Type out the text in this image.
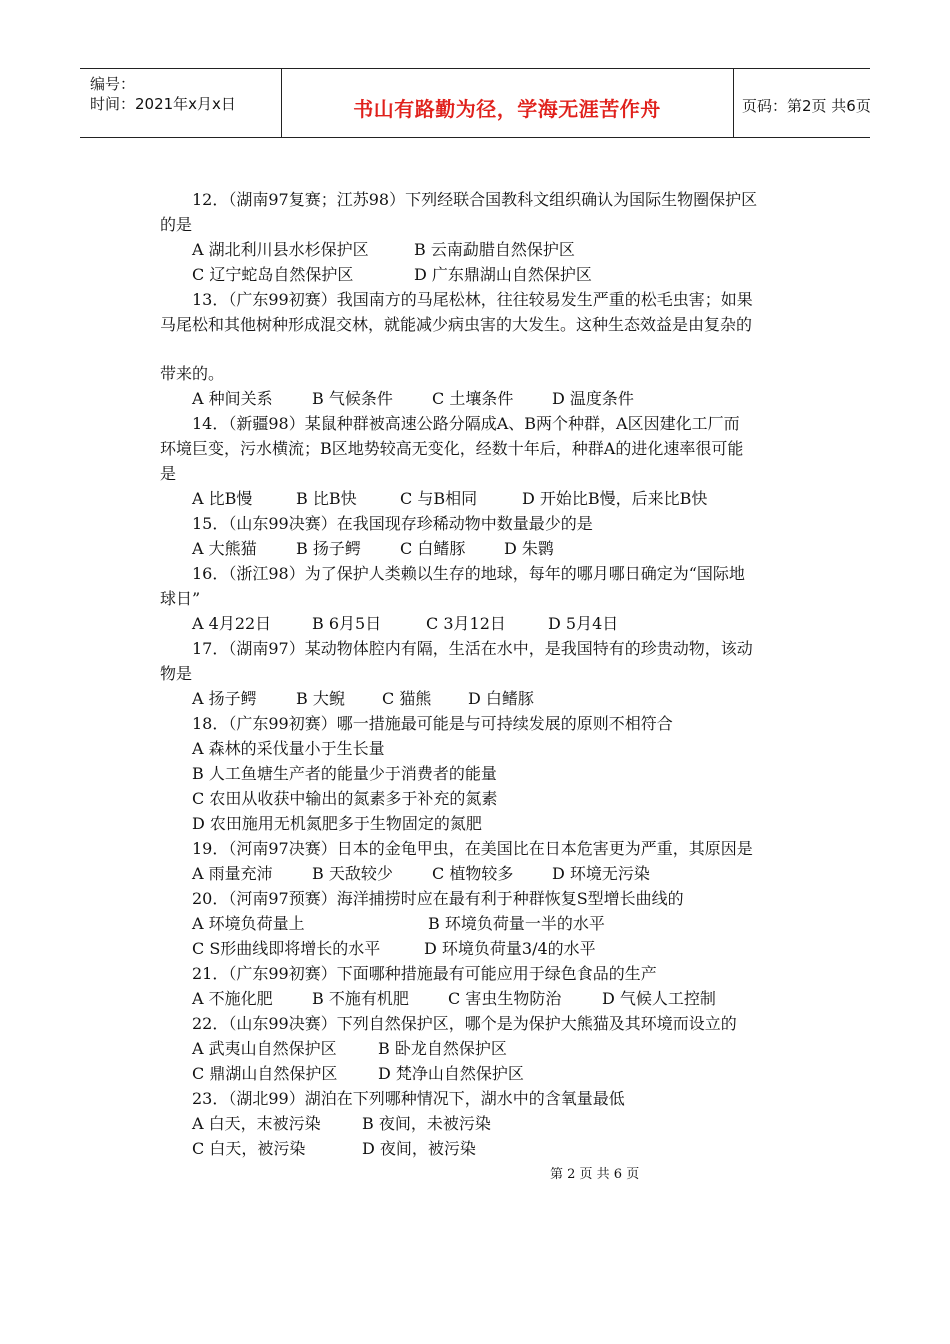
编号：
时间：2021年x月x日	书山有路勤为径，学海无涯苦作舟	页码：第2页 共6页
12．（湖南97复赛；江苏98）下列经联合国教科文组织确认为国际生物圈保护区
的是
A 湖北利川县水杉保护区	B 云南勐腊自然保护区
C 辽宁蛇岛自然保护区	D 广东鼎湖山自然保护区
13．（广东99初赛）我国南方的马尾松林，往往较易发生严重的松毛虫害；如果
马尾松和其他树种形成混交林，就能减少病虫害的大发生。这种生态效益是由复杂的
带来的。
A 种间关系 B 气候条件 C 土壤条件 D 温度条件
14．（新疆98）某鼠种群被高速公路分隔成A、B两个种群，A区因建化工厂而
环境巨变，污水横流；B区地势较高无变化，经数十年后，种群A的进化速率很可能
是
A 比B慢	B 比B快	C 与B相同	D 开始比B慢，后来比B快
15．（山东99决赛）在我国现存珍稀动物中数量最少的是
A 大熊猫 B 扬子鳄 C 白鳍豚 D 朱鹮
16．（浙江98）为了保护人类赖以生存的地球，每年的哪月哪日确定为“国际地
球日”
A 4月22日	B 6月5日	C 3月12日	D 5月4日
17．（湖南97）某动物体腔内有隔，生活在水中，是我国特有的珍贵动物，该动
物是
A 扬子鳄 B 大鲵 C 猫熊 D 白鳍豚
18．（广东99初赛）哪一措施最可能是与可持续发展的原则不相符合
A 森林的采伐量小于生长量
B 人工鱼塘生产者的能量少于消费者的能量
C 农田从收获中输出的氮素多于补充的氮素
D 农田施用无机氮肥多于生物固定的氮肥
19．（河南97决赛）日本的金龟甲虫，在美国比在日本危害更为严重，其原因是
A 雨量充沛 B 天敌较少 C 植物较多 D 环境无污染
20．（河南97预赛）海洋捕捞时应在最有利于种群恢复S型增长曲线的
A 环境负荷量上	B 环境负荷量一半的水平
C S形曲线即将增长的水平	D 环境负荷量3/4的水平
21．（广东99初赛）下面哪种措施最有可能应用于绿色食品的生产
A 不施化肥 B 不施有机肥 C 害虫生物防治	D 气候人工控制
22．（山东99决赛）下列自然保护区，哪个是为保护大熊猫及其环境而设立的
A 武夷山自然保护区	B 卧龙自然保护区
C 鼎湖山自然保护区	D 梵净山自然保护区
23．（湖北99）湖泊在下列哪种情况下，湖水中的含氧量最低
A 白天，末被污染	B 夜间，未被污染
C 白天，被污染	D 夜间，被污染
第 2 页 共 6 页
